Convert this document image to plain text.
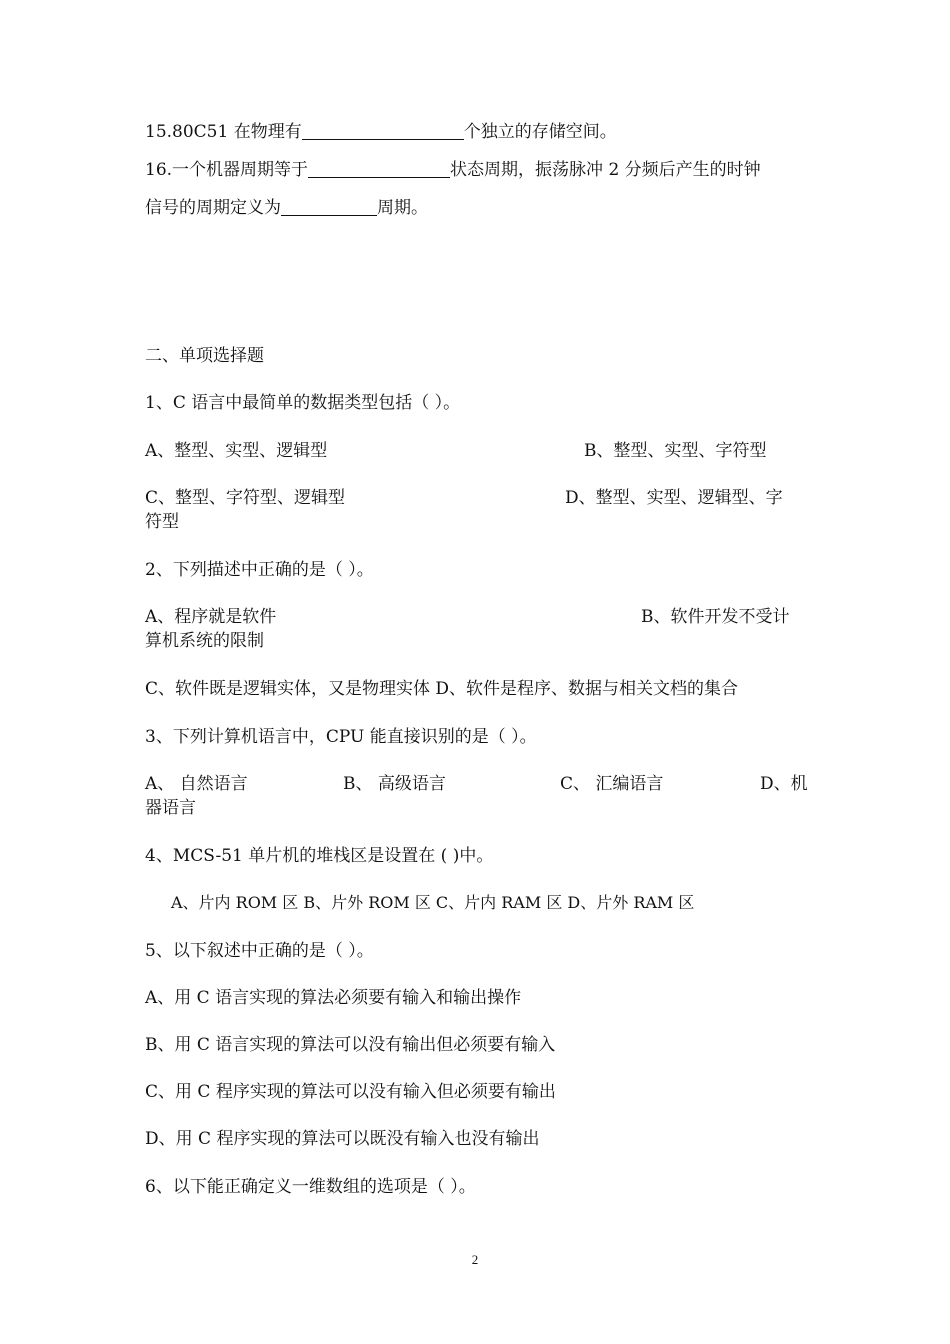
15.80C51 在物理有	个独立的存储空间。
16.一个机器周期等于	状态周期，振荡脉冲 2 分频后产生的时钟
信号的周期定义为	周期。
二、单项选择题
1、C 语言中最简单的数据类型包括（ ）。
A、整型、实型、逻辑型	B、整型、实型、字符型
C、整型、字符型、逻辑型	D、整型、实型、逻辑型、字
符型
2、下列描述中正确的是（ ）。
A、程序就是软件	B、软件开发不受计
算机系统的限制
C、软件既是逻辑实体，又是物理实体 D、软件是程序、数据与相关文档的集合
3、下列计算机语言中，CPU 能直接识别的是（ ）。
A、 自然语言	B、 高级语言	C、 汇编语言	D、机
器语言
4、MCS-51 单片机的堆栈区是设置在 ( )中。
A、片内 ROM 区 B、片外 ROM 区 C、片内 RAM 区 D、片外 RAM 区
5、以下叙述中正确的是（ ）。
A、用 C 语言实现的算法必须要有输入和输出操作
B、用 C 语言实现的算法可以没有输出但必须要有输入
C、用 C 程序实现的算法可以没有输入但必须要有输出
D、用 C 程序实现的算法可以既没有输入也没有输出
6、以下能正确定义一维数组的选项是（ ）。
2
